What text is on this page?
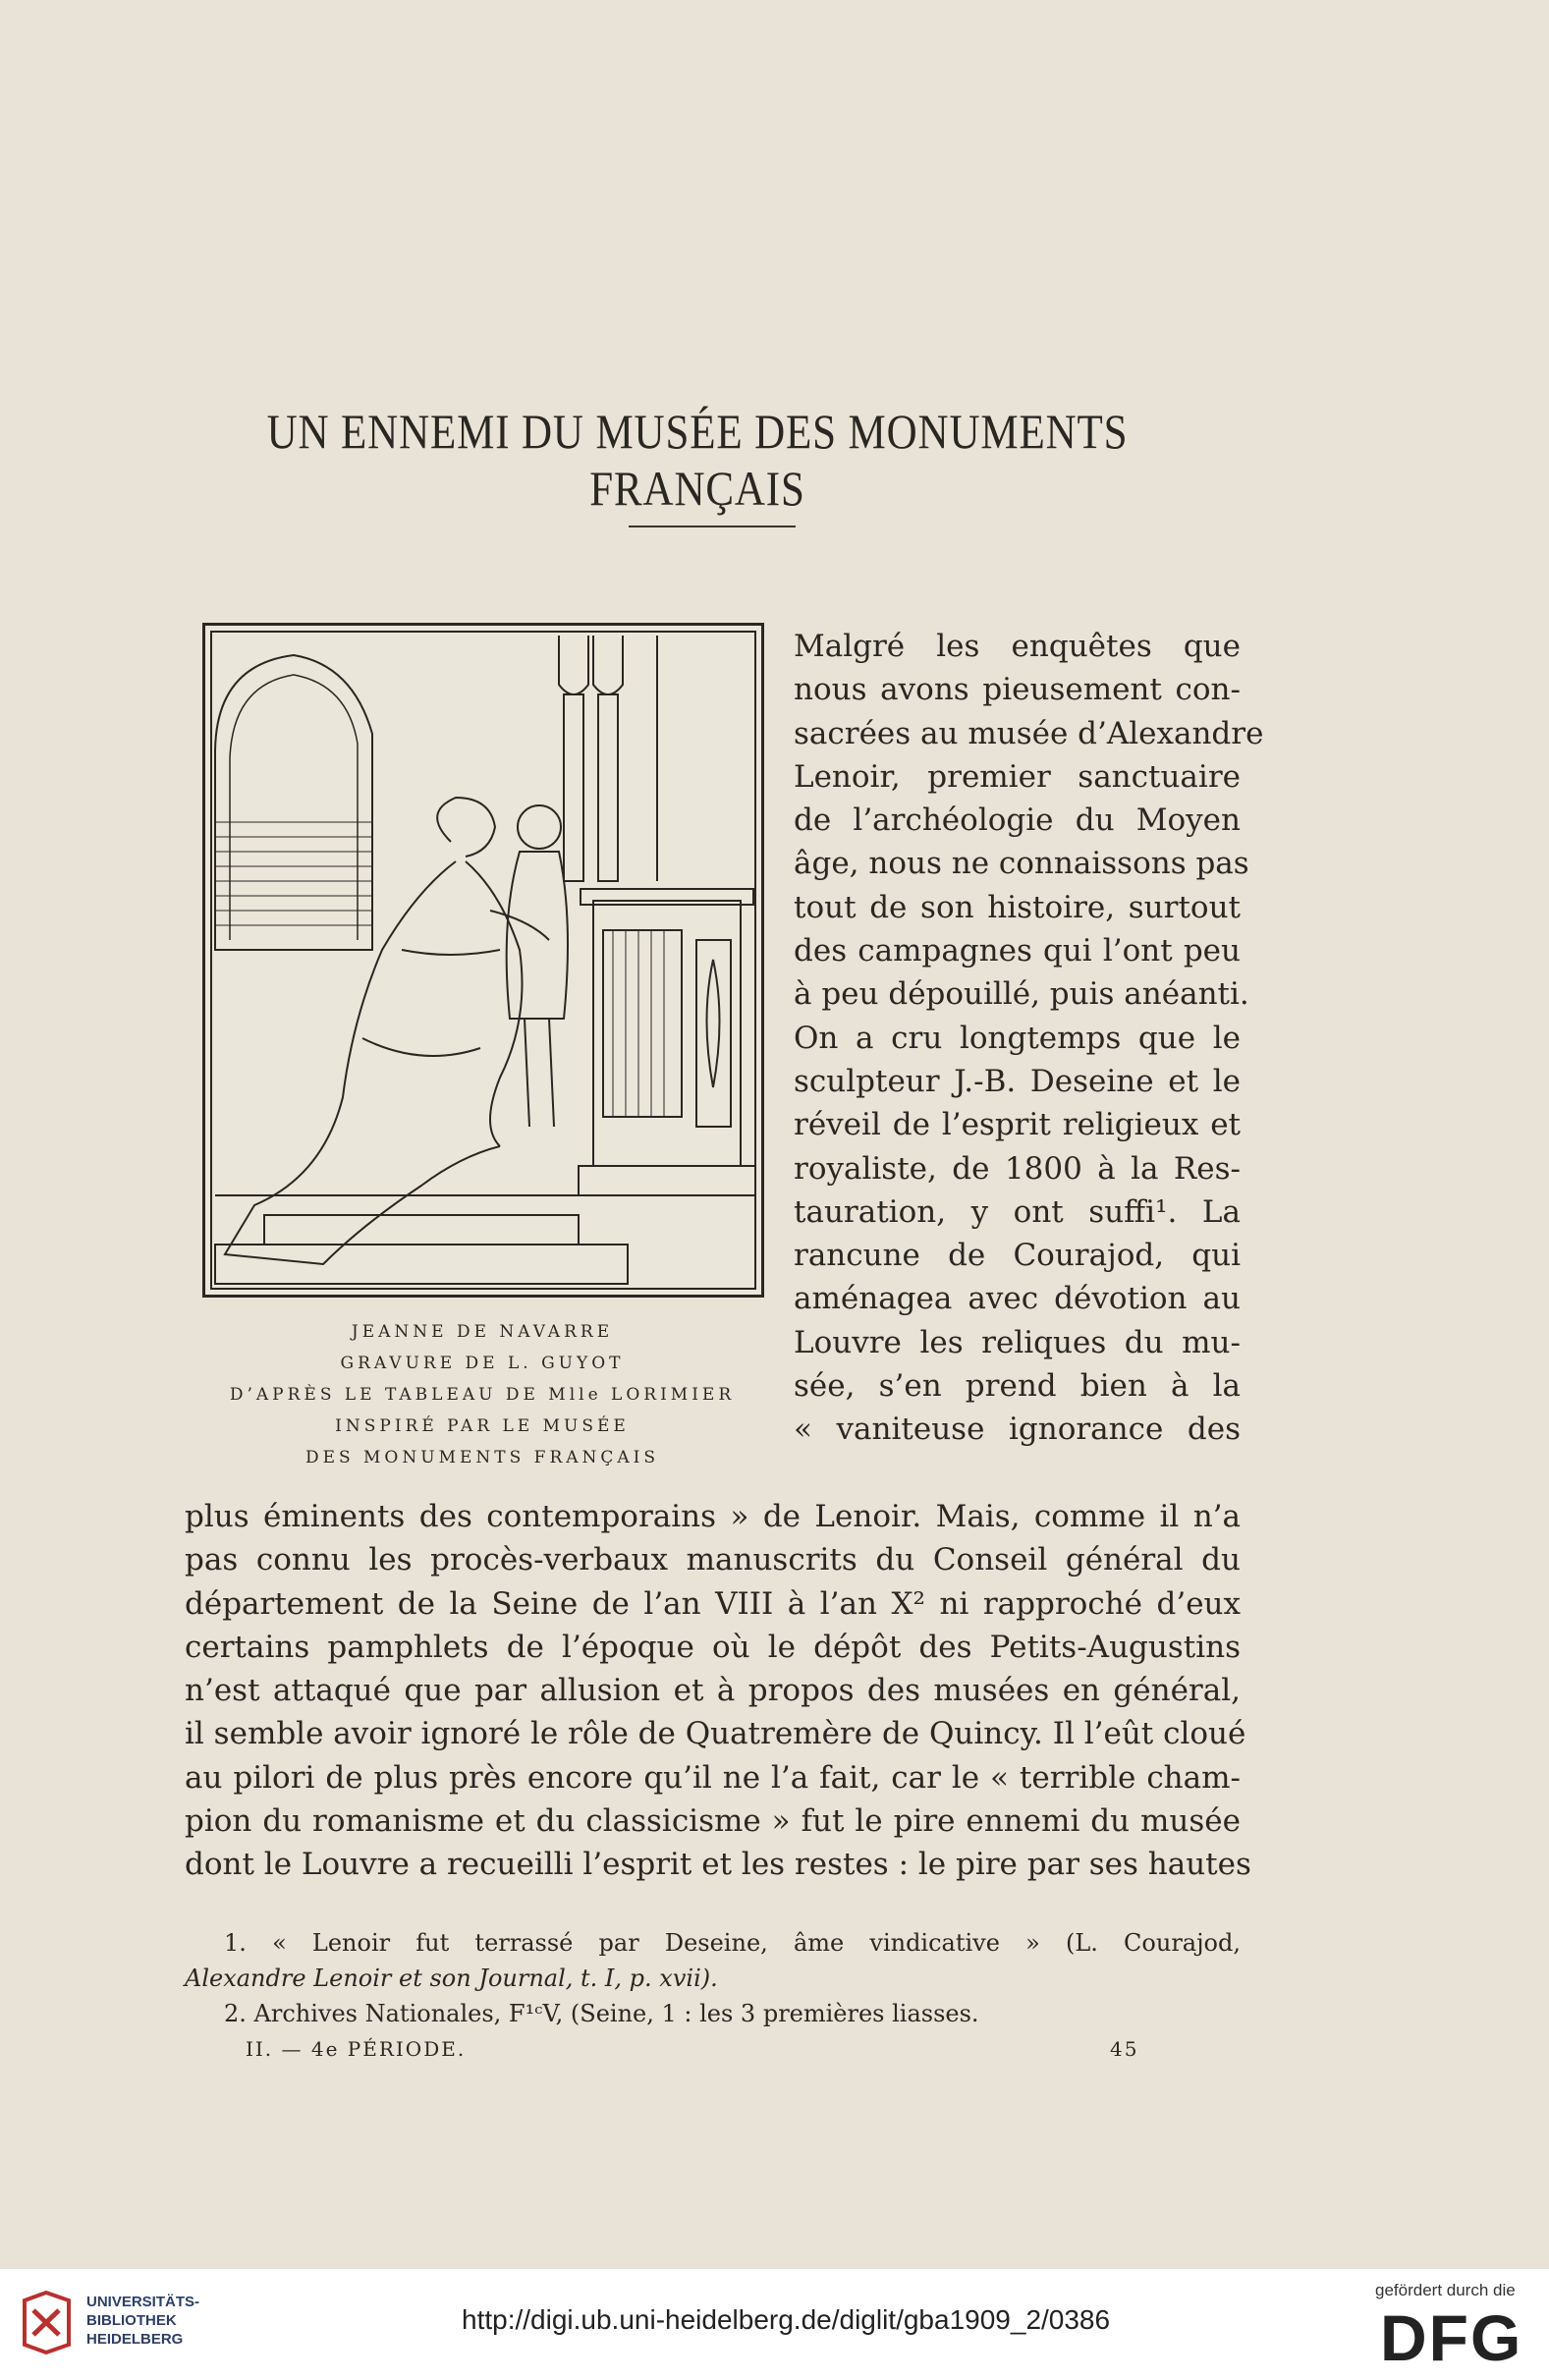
UN ENNEMI DU MUSÉE DES MONUMENTS FRANÇAIS
JEANNE DE NAVARRE
GRAVURE DE L. GUYOT
D’APRÈS LE TABLEAU DE Mlle LORIMIER
INSPIRÉ PAR LE MUSÉE
DES MONUMENTS FRANÇAIS
Malgré les enquêtes que
nous avons pieusement con-
sacrées au musée d’Alexandre
Lenoir, premier sanctuaire
de l’archéologie du Moyen
âge, nous ne connaissons pas
tout de son histoire, surtout
des campagnes qui l’ont peu
à peu dépouillé, puis anéanti.
On a cru longtemps que le
sculpteur J.-B. Deseine et le
réveil de l’esprit religieux et
royaliste, de 1800 à la Res-
tauration, y ont suffi¹. La
rancune de Courajod, qui
aménagea avec dévotion au
Louvre les reliques du mu-
sée, s’en prend bien à la
« vaniteuse ignorance des
plus éminents des contemporains » de Lenoir. Mais, comme il n’a
pas connu les procès-verbaux manuscrits du Conseil général du
département de la Seine de l’an VIII à l’an X² ni rapproché d’eux
certains pamphlets de l’époque où le dépôt des Petits-Augustins
n’est attaqué que par allusion et à propos des musées en général,
il semble avoir ignoré le rôle de Quatremère de Quincy. Il l’eût cloué
au pilori de plus près encore qu’il ne l’a fait, car le « terrible cham-
pion du romanisme et du classicisme » fut le pire ennemi du musée
dont le Louvre a recueilli l’esprit et les restes : le pire par ses hautes
1. « Lenoir fut terrassé par Deseine, âme vindicative » (L. Courajod,
Alexandre Lenoir et son Journal, t. I, p. xvii).
2. Archives Nationales, F¹ᶜV, (Seine, 1 : les 3 premières liasses.
II. — 4e PÉRIODE.	45
UNIVERSITÄTS-
BIBLIOTHEK
HEIDELBERG
http://digi.ub.uni-heidelberg.de/diglit/gba1909_2/0386
gefördert durch die
DFG
